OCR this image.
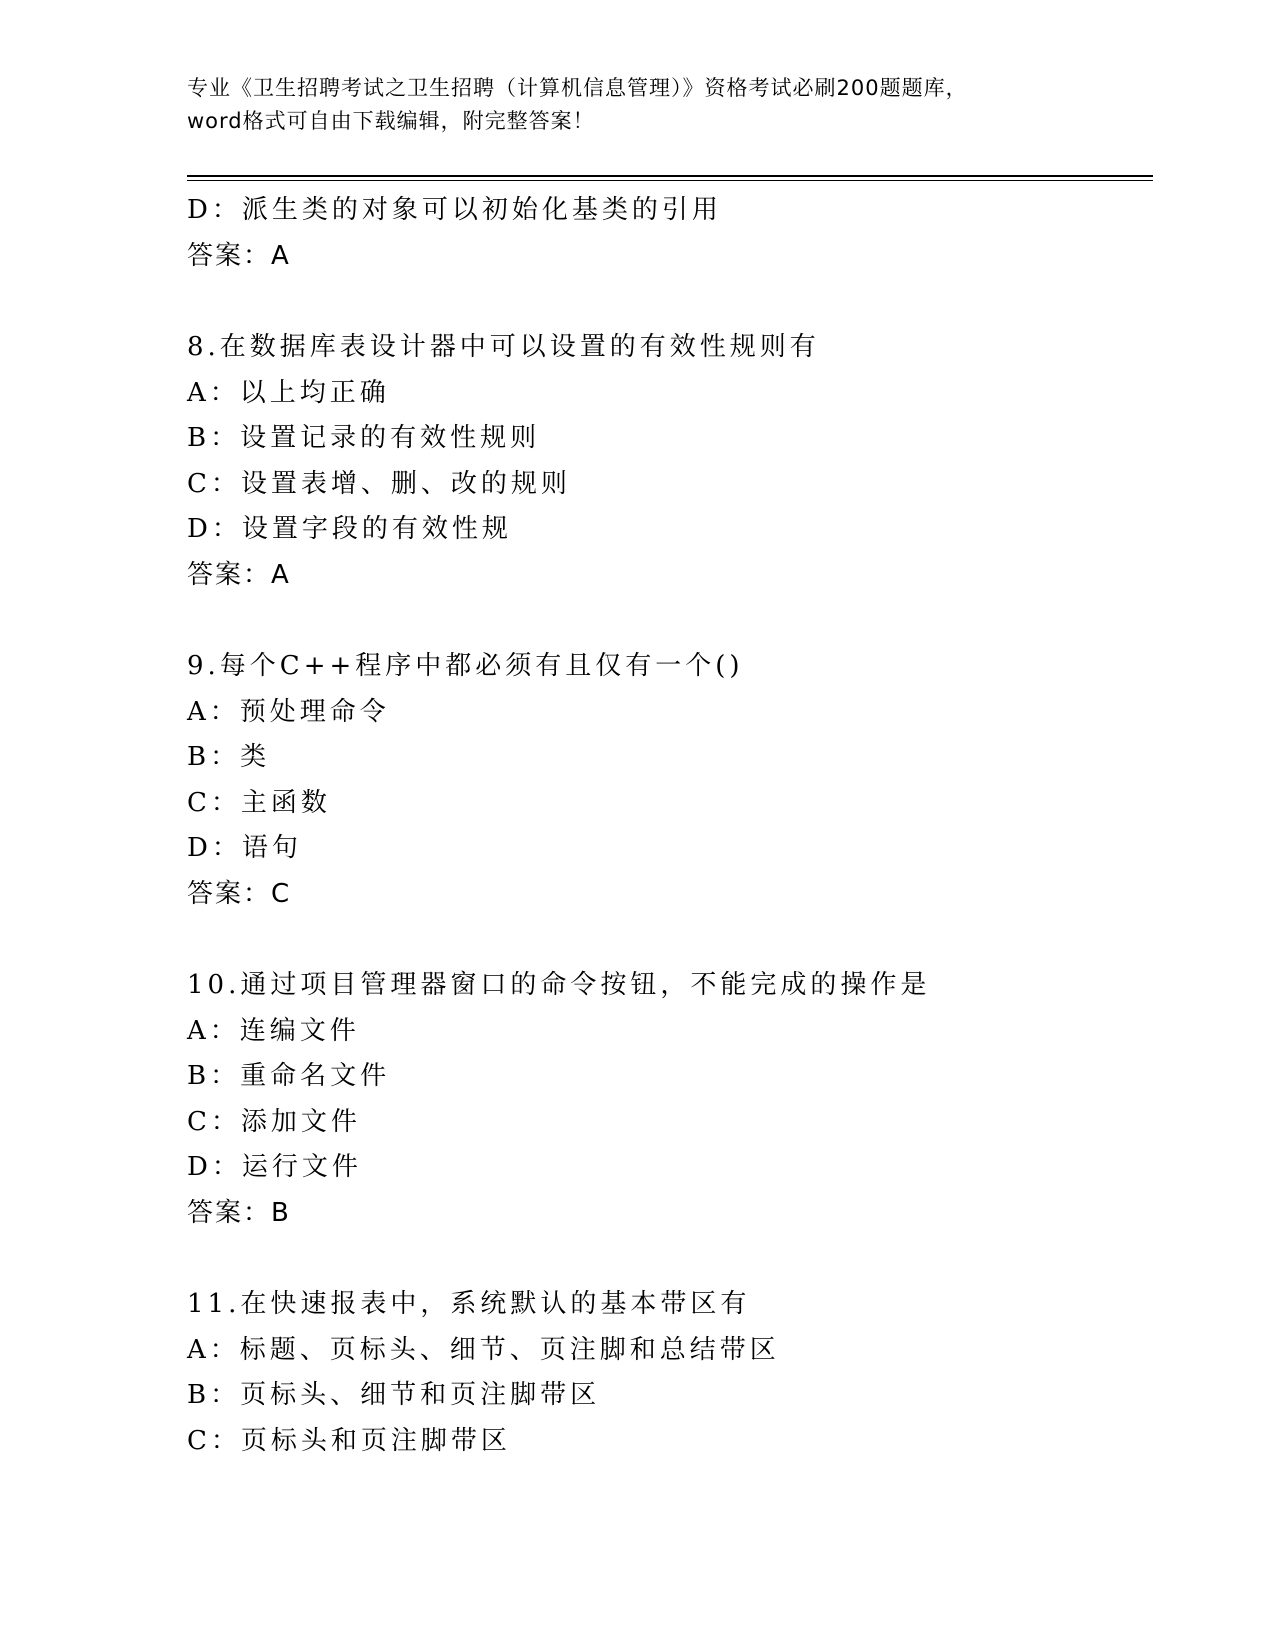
专业《卫生招聘考试之卫生招聘（计算机信息管理）》资格考试必刷200题题库，
word格式可自由下载编辑，附完整答案！
D：派生类的对象可以初始化基类的引用
答案：A
8.在数据库表设计器中可以设置的有效性规则有
A：以上均正确
B：设置记录的有效性规则
C：设置表增、删、改的规则
D：设置字段的有效性规
答案：A
9.每个C++程序中都必须有且仅有一个()
A：预处理命令
B：类
C：主函数
D：语句
答案：C
10.通过项目管理器窗口的命令按钮，不能完成的操作是
A：连编文件
B：重命名文件
C：添加文件
D：运行文件
答案：B
11.在快速报表中，系统默认的基本带区有
A：标题、页标头、细节、页注脚和总结带区
B：页标头、细节和页注脚带区
C：页标头和页注脚带区
